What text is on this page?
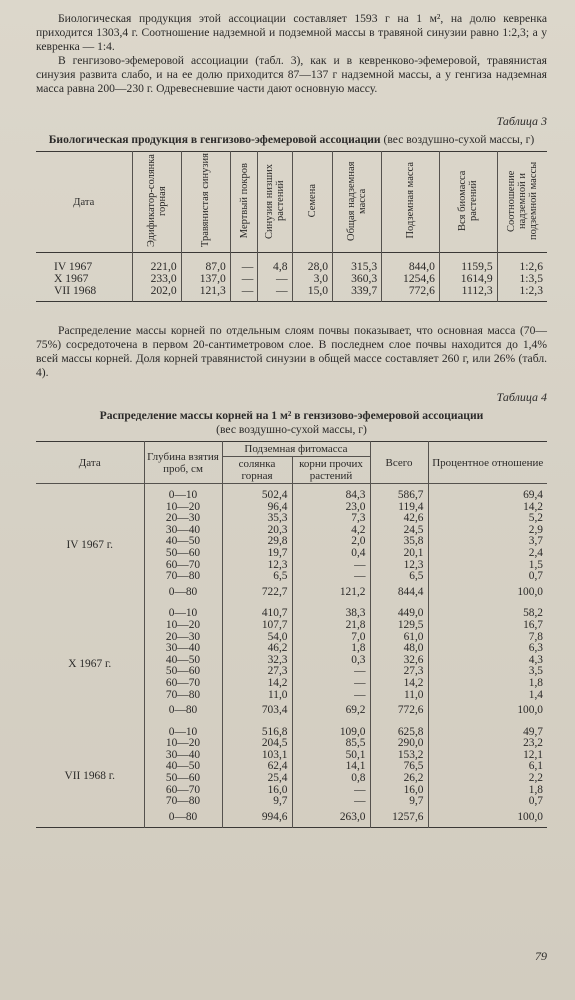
Биологическая продукция этой ассоциации составляет 1593 г на 1 м², на долю кевренка приходится 1303,4 г. Соотношение надземной и подземной массы в травяной синузии равно 1:2,3; а у кевренка — 1:4.

В генгизово-эфемеровой ассоциации (табл. 3), как и в кевренково-эфемеровой, травянистая синузия развита слабо, и на ее долю приходится 87—137 г надземной массы, а у генгиза надземная масса равна 200—230 г. Одревесневшие части дают основную массу.

Таблица 3
Биологическая продукция в генгизово-эфемеровой ассоциации (вес воздушно-сухой массы, г)
Дата	Эдификатор-солянка горная	Травянистая синузия	Мертвый покров	Синузия низших растений	Семена	Общая надземная масса	Подземная масса	Вся биомасса растений	Соотношение надземной и подземной массы
IV 1967	221,0	87,0	—	4,8	28,0	315,3	844,0	1159,5	1:2,6
X 1967	233,0	137,0	—	—	3,0	360,3	1254,6	1614,9	1:3,5
VII 1968	202,0	121,3	—	—	15,0	339,7	772,6	1112,3	1:2,3

Распределение массы корней по отдельным слоям почвы показывает, что основная масса (70—75%) сосредоточена в первом 20-сантиметровом слое. В последнем слое почвы находится до 1,4% всей массы корней. Доля корней травянистой синузии в общей массе составляет 260 г, или 26% (табл. 4).

Таблица 4
Распределение массы корней на 1 м² в гензизово-эфемеровой ассоциации
(вес воздушно-сухой массы, г)
Дата	Глубина взятия проб, см	Подземная фитомасса		Всего	Процентное отношение
		солянка горная	корни прочих растений		
IV 1967 г.	0—10	502,4	84,3	586,7	69,4
	10—20	96,4	23,0	119,4	14,2
	20—30	35,3	7,3	42,6	5,2
	30—40	20,3	4,2	24,5	2,9
	40—50	29,8	2,0	35,8	3,7
	50—60	19,7	0,4	20,1	2,4
	60—70	12,3	—	12,3	1,5
	70—80	6,5	—	6,5	0,7
	0—80	722,7	121,2	844,4	100,0
X 1967 г.	0—10	410,7	38,3	449,0	58,2
	10—20	107,7	21,8	129,5	16,7
	20—30	54,0	7,0	61,0	7,8
	30—40	46,2	1,8	48,0	6,3
	40—50	32,3	0,3	32,6	4,3
	50—60	27,3	—	27,3	3,5
	60—70	14,2	—	14,2	1,8
	70—80	11,0	—	11,0	1,4
	0—80	703,4	69,2	772,6	100,0
VII 1968 г.	0—10	516,8	109,0	625,8	49,7
	10—20	204,5	85,5	290,0	23,2
	30—40	103,1	50,1	153,2	12,1
	40—50	62,4	14,1	76,5	6,1
	50—60	25,4	0,8	26,2	2,2
	60—70	16,0	—	16,0	1,8
	70—80	9,7	—	9,7	0,7
	0—80	994,6	263,0	1257,6	100,0
79
